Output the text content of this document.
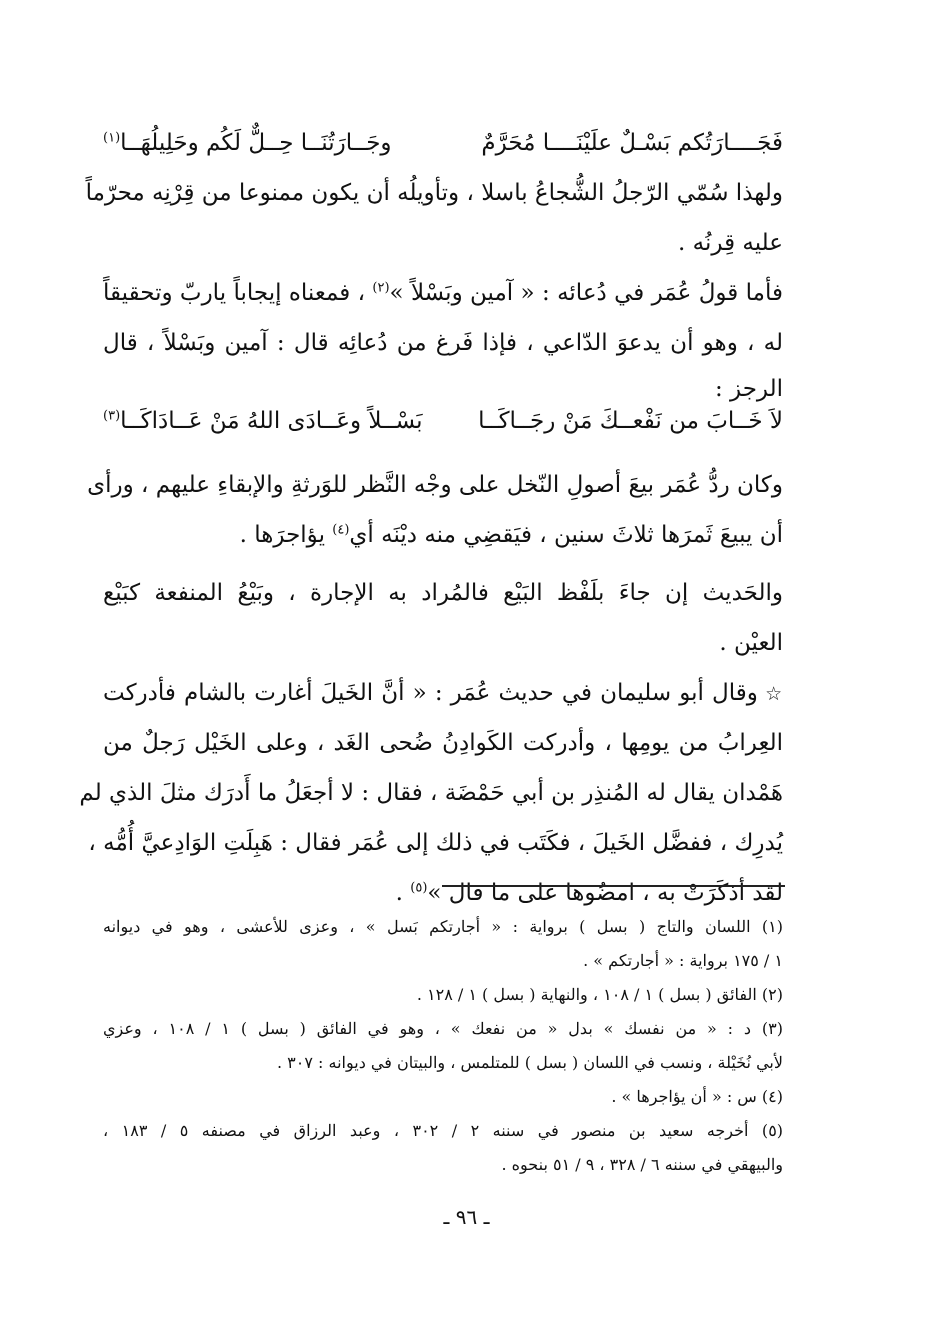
فَجَــــارَتُكم بَسْـلٌ علَيْنَــــا مُحَرَّمٌ
وجَــارَتُنَــا حِــلٌّ لَكُم وحَلِيلُهَــا$^{(١)}$
ولهذا سُمّي الرّجلُ الشُّجاعُ باسلا ، وتأويلُه أن يكون ممنوعا من قِرْنِه محرّماً
عليه قِرنُه .
فأما قولُ عُمَر في دُعائه : « آمين وبَسْلاً »$^{(٢)}$ ، فمعناه إيجاباً ياربّ وتحقيقاً
له ، وهو أن يدعوَ الدّاعي ، فإذا فَرغ من دُعائِه قال : آمين وبَسْلاً ، قال
الرجز :
لاَ خَــابَ من نَفْعــكَ مَنْ رجَــاكَــا
بَسْــلاً وعَــادَى اللهُ مَنْ عَــادَاكَــا$^{(٣)}$
وكان ردُّ عُمَر بيعَ أصولِ النّخل على وجْه النَّظر للوَرثةِ والإبقاءِ عليهم ، ورأى
أن يبيعَ ثَمرَها ثلاثَ سنين ، فيَقضِي منه ديْنَه أي$^{(٤)}$ يؤاجرَها .
والحَديث إن جاءَ بلَفْظ البَيْع فالمُراد به الإجارة ، وبَيْعُ المنفعة كبَيْع
العيْن .
☆ وقال أبو سليمان في حديث عُمَر : « أنَّ الخَيلَ أغارت بالشام فأدركت
العِرابُ من يومِها ، وأدركت الكَوادِنُ ضُحى الغَد ، وعلى الخَيْل رَجلٌ من
هَمْدان يقال له المُنذِر بن أبي حَمْضَة ، فقال : لا أجعَلُ ما أَدرَك مثلَ الذي لم
يُدرِك ، ففضَّل الخَيلَ ، فكَتَب في ذلك إلى عُمَر فقال : هَبِلَتِ الوَادِعيَّ أُمُّه ،
لقد أذكَرَتْ به ، امضُوها على ما قال »$^{(٥)}$ .
(١) اللسان والتاج ( بسل ) برواية : « أجارتكم بَسل » ، وعزى للأعشى ، وهو في ديوانه
١ / ١٧٥ برواية : « أجارتكم » .
(٢) الفائق ( بسل ) ١ / ١٠٨ ، والنهاية ( بسل ) ١ / ١٢٨ .
(٣) د : « من نفسك » بدل « من نفعك » ، وهو في الفائق ( بسل ) ١ / ١٠٨ ، وعزي
لأبي نُخَيْلة ، ونسب في اللسان ( بسل ) للمتلمس ، والبيتان في ديوانه : ٣٠٧ .
(٤) س : « أن يؤاجرها » .
(٥) أخرجه سعيد بن منصور في سننه ٢ / ٣٠٢ ، وعبد الرزاق في مصنفه ٥ / ١٨٣ ،
والبيهقي في سننه ٦ / ٣٢٨ ، ٩ / ٥١ بنحوه .
ـ ٩٦ ـ
